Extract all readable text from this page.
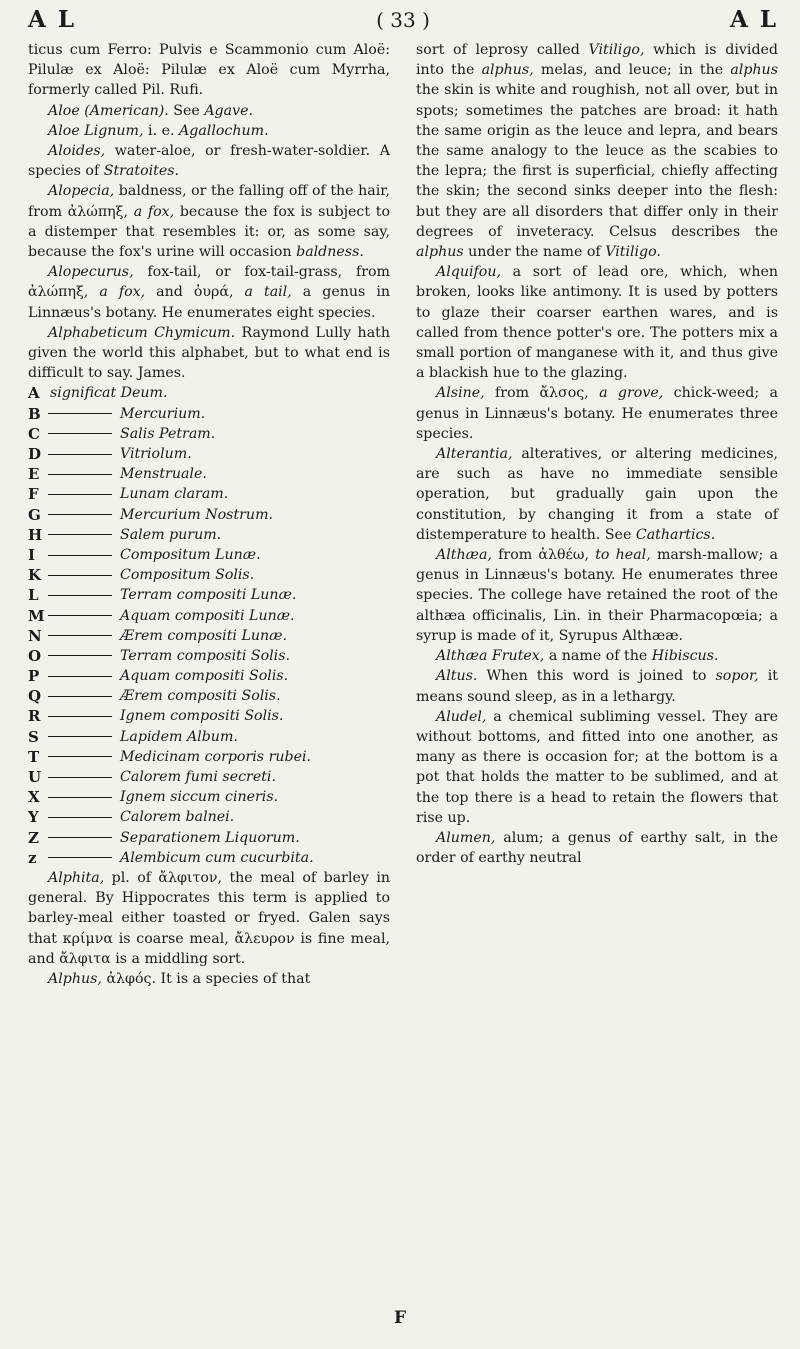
A L	( 33 )	A L

ticus cum Ferro: Pulvis e Scammonio cum Aloë: Pilulæ ex Aloë: Pilulæ ex Aloë cum Myrrha, formerly called Pil. Rufi.

Aloe (American). See Agave.

Aloe Lignum, i. e. Agallochum.

Aloides, water-aloe, or fresh-water-soldier. A species of Stratoites.

Alopecia, baldness, or the falling off of the hair, from ἀλώπηξ, a fox, because the fox is subject to a distemper that resembles it: or, as some say, because the fox's urine will occasion baldness.

Alopecurus, fox-tail, or fox-tail-grass, from ἀλώπηξ, a fox, and ὀυρά, a tail, a genus in Linnæus's botany. He enumerates eight species.

Alphabeticum Chymicum. Raymond Lully hath given the world this alphabet, but to what end is difficult to say. James.

A significat Deum.
B	Mercurium.
C	Salis Petram.
D	Vitriolum.
E	Menstruale.
F	Lunam claram.
G	Mercurium Nostrum.
H	Salem purum.
I	Compositum Lunæ.
K	Compositum Solis.
L	Terram compositi Lunæ.
M	Aquam compositi Lunæ.
N	Ærem compositi Lunæ.
O	Terram compositi Solis.
P	Aquam compositi Solis.
Q	Ærem compositi Solis.
R	Ignem compositi Solis.
S	Lapidem Album.
T	Medicinam corporis rubei.
U	Calorem fumi secreti.
X	Ignem siccum cineris.
Y	Calorem balnei.
Z	Separationem Liquorum.
z	Alembicum cum cucurbita.

Alphita, pl. of ἄλφιτον, the meal of barley in general. By Hippocrates this term is applied to barley-meal either toasted or fryed. Galen says that κρίμνα is coarse meal, ἄλευρον is fine meal, and ἄλφιτα is a middling sort.

Alphus, ἀλφός. It is a species of that

sort of leprosy called Vitiligo, which is divided into the alphus, melas, and leuce; in the alphus the skin is white and roughish, not all over, but in spots; sometimes the patches are broad: it hath the same origin as the leuce and lepra, and bears the same analogy to the leuce as the scabies to the lepra; the first is superficial, chiefly affecting the skin; the second sinks deeper into the flesh: but they are all disorders that differ only in their degrees of inveteracy. Celsus describes the alphus under the name of Vitiligo.

Alquifou, a sort of lead ore, which, when broken, looks like antimony. It is used by potters to glaze their coarser earthen wares, and is called from thence potter's ore. The potters mix a small portion of manganese with it, and thus give a blackish hue to the glazing.

Alsine, from ἄλσος, a grove, chick-weed; a genus in Linnæus's botany. He enumerates three species.

Alterantia, alteratives, or altering medicines, are such as have no immediate sensible operation, but gradually gain upon the constitution, by changing it from a state of distemperature to health. See Cathartics.

Althæa, from ἀλθέω, to heal, marsh-mallow; a genus in Linnæus's botany. He enumerates three species. The college have retained the root of the althæa officinalis, Lin. in their Pharmacopœia; a syrup is made of it, Syrupus Althææ.

Althæa Frutex, a name of the Hibiscus.

Altus. When this word is joined to sopor, it means sound sleep, as in a lethargy.

Aludel, a chemical subliming vessel. They are without bottoms, and fitted into one another, as many as there is occasion for; at the bottom is a pot that holds the matter to be sublimed, and at the top there is a head to retain the flowers that rise up.

Alumen, alum; a genus of earthy salt, in the order of earthy neutral

F
